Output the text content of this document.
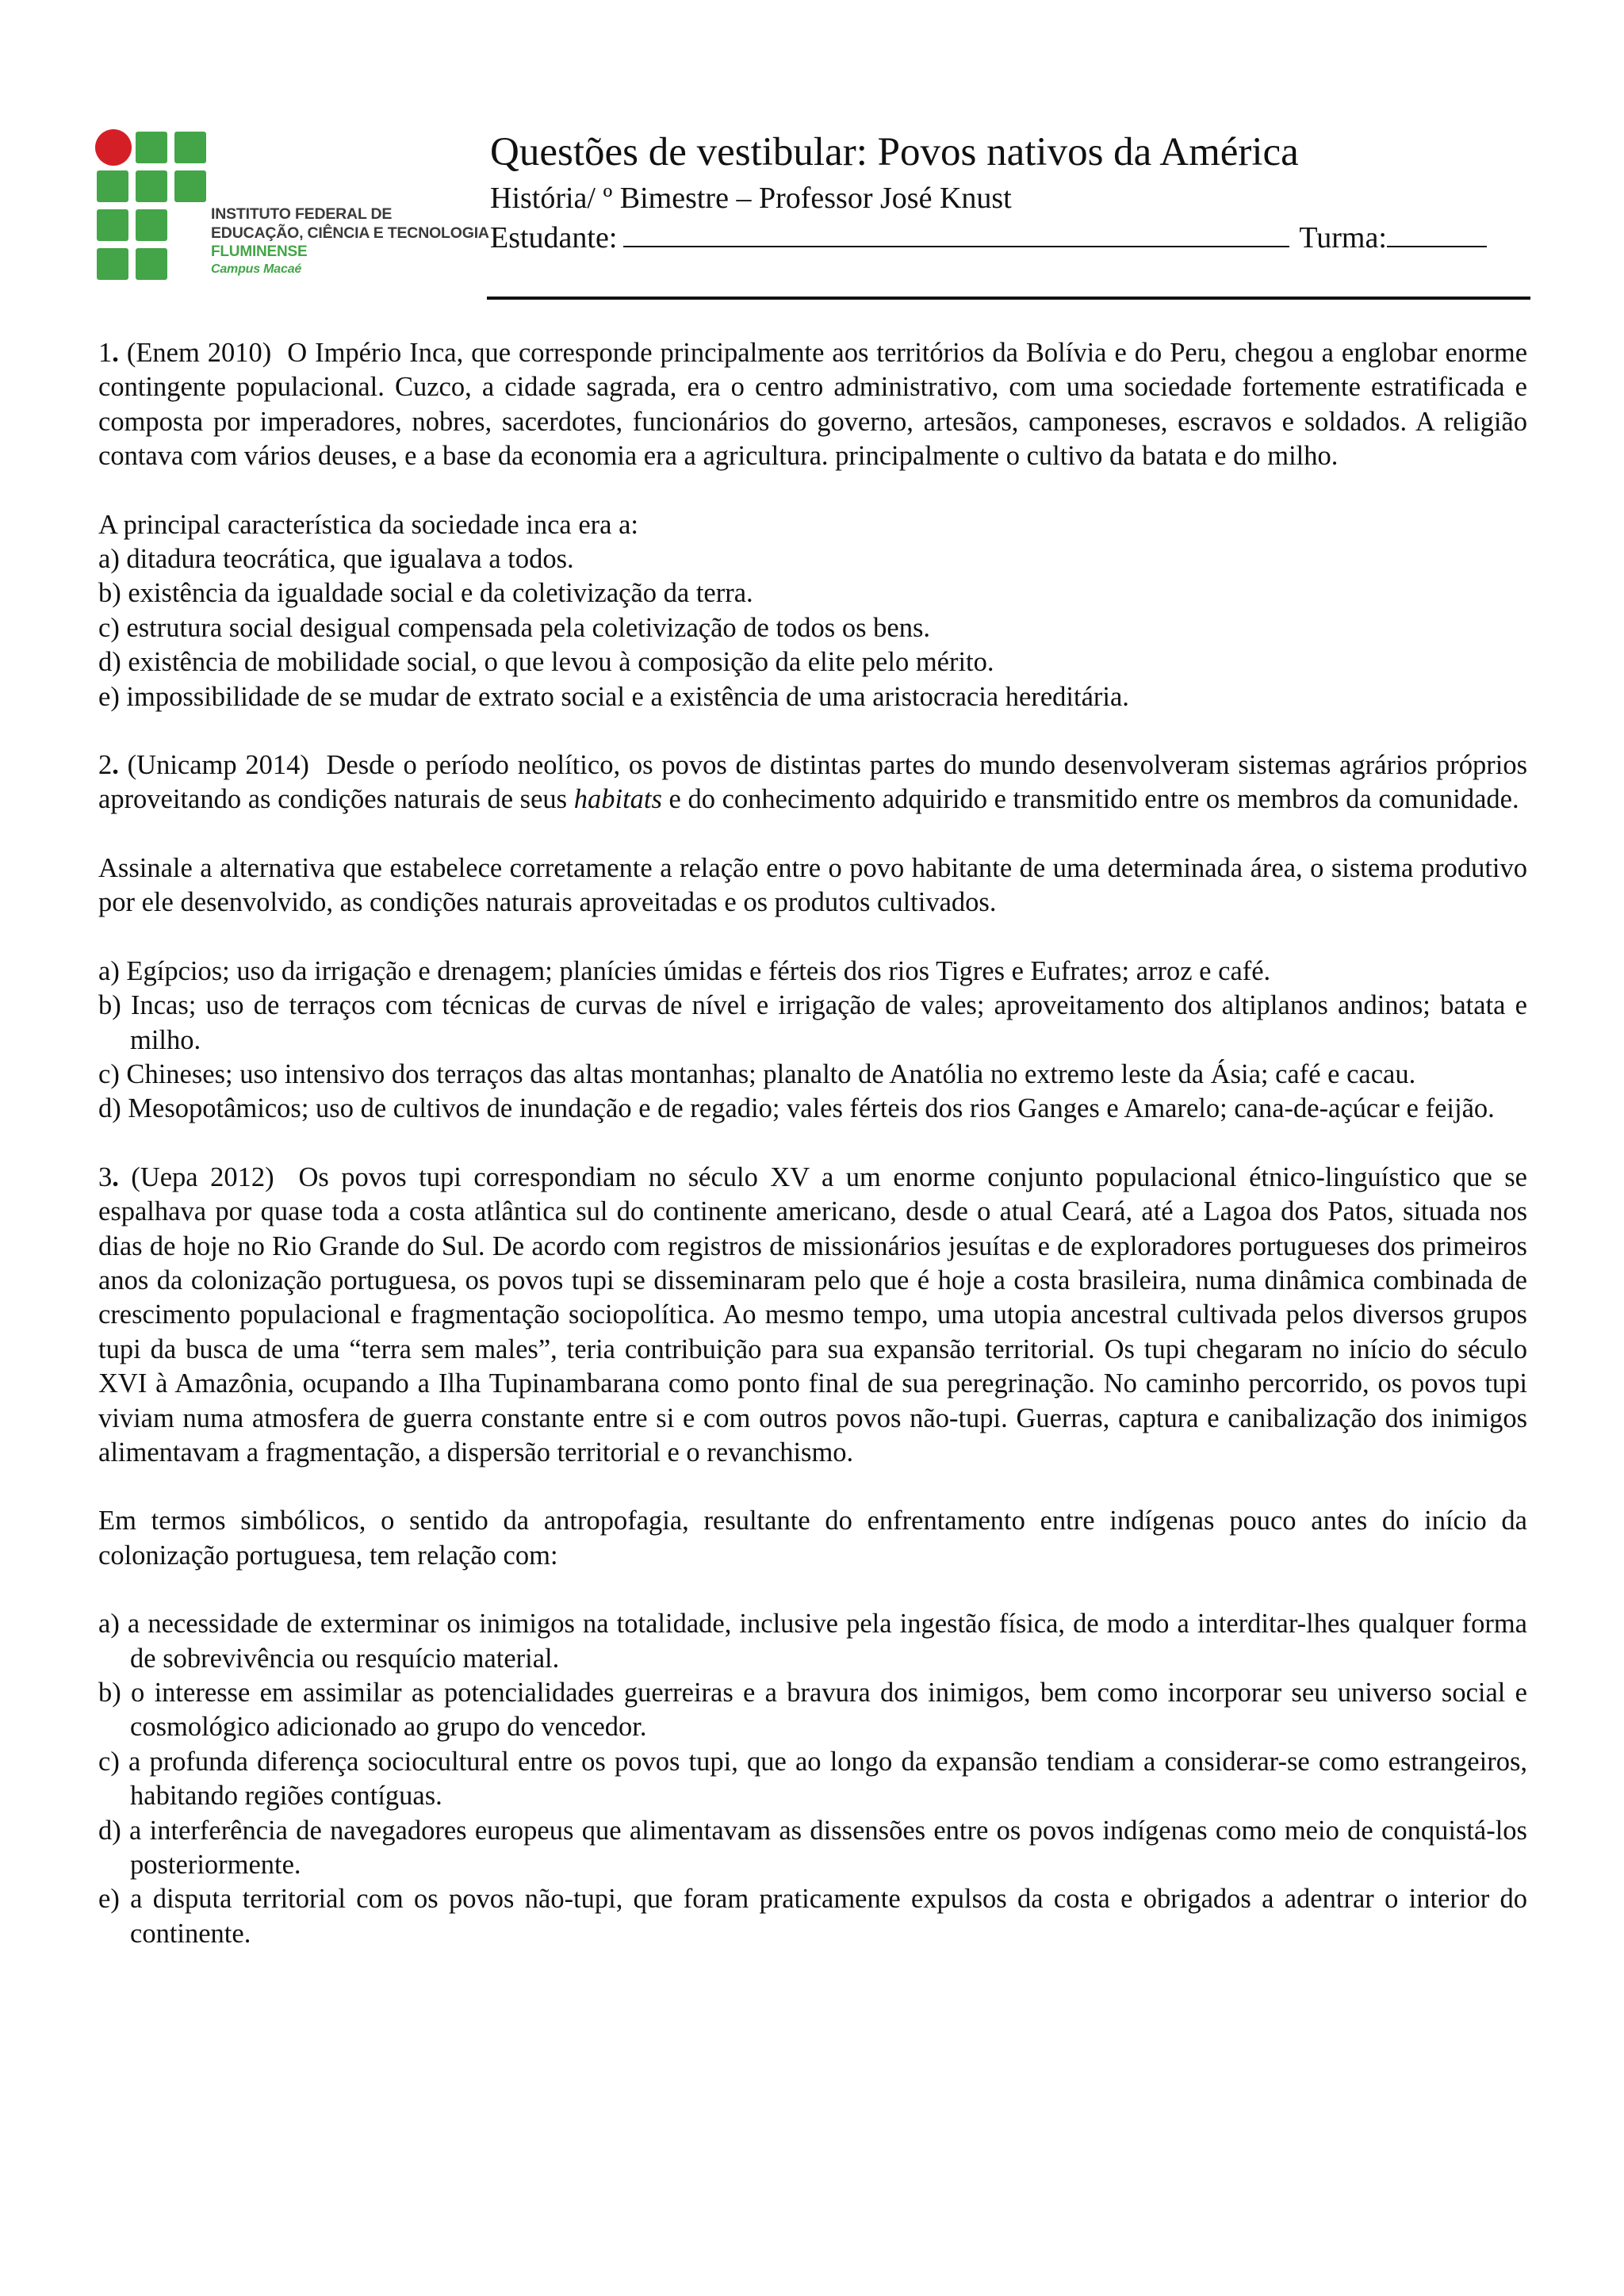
INSTITUTO FEDERAL DE
EDUCAÇÃO, CIÊNCIA E TECNOLOGIA
FLUMINENSE
Campus Macaé
Questões de vestibular: Povos nativos da América
História/ º Bimestre – Professor José Knust
Estudante:	Turma:

1. (Enem 2010) O Império Inca, que corresponde principalmente aos territórios da Bolívia e do Peru, chegou a englobar enorme contingente populacional. Cuzco, a cidade sagrada, era o centro administrativo, com uma sociedade fortemente estratificada e composta por imperadores, nobres, sacerdotes, funcionários do governo, artesãos, camponeses, escravos e soldados. A religião contava com vários deuses, e a base da economia era a agricultura. principalmente o cultivo da batata e do milho.

A principal característica da sociedade inca era a:

a) ditadura teocrática, que igualava a todos.

b) existência da igualdade social e da coletivização da terra.

c) estrutura social desigual compensada pela coletivização de todos os bens.

d) existência de mobilidade social, o que levou à composição da elite pelo mérito.

e) impossibilidade de se mudar de extrato social e a existência de uma aristocracia hereditária.

2. (Unicamp 2014) Desde o período neolítico, os povos de distintas partes do mundo desenvolveram sistemas agrários próprios aproveitando as condições naturais de seus habitats e do conhecimento adquirido e transmitido entre os membros da comunidade.

Assinale a alternativa que estabelece corretamente a relação entre o povo habitante de uma determinada área, o sistema produtivo por ele desenvolvido, as condições naturais aproveitadas e os produtos cultivados.

a) Egípcios; uso da irrigação e drenagem; planícies úmidas e férteis dos rios Tigres e Eufrates; arroz e café.

b) Incas; uso de terraços com técnicas de curvas de nível e irrigação de vales; aproveitamento dos altiplanos andinos; batata e milho.

c) Chineses; uso intensivo dos terraços das altas montanhas; planalto de Anatólia no extremo leste da Ásia; café e cacau.

d) Mesopotâmicos; uso de cultivos de inundação e de regadio; vales férteis dos rios Ganges e Amarelo; cana-de-açúcar e feijão.

3. (Uepa 2012) Os povos tupi correspondiam no século XV a um enorme conjunto populacional étnico-linguístico que se espalhava por quase toda a costa atlântica sul do continente americano, desde o atual Ceará, até a Lagoa dos Patos, situada nos dias de hoje no Rio Grande do Sul. De acordo com registros de missionários jesuítas e de exploradores portugueses dos primeiros anos da colonização portuguesa, os povos tupi se disseminaram pelo que é hoje a costa brasileira, numa dinâmica combinada de crescimento populacional e fragmentação sociopolítica. Ao mesmo tempo, uma utopia ancestral cultivada pelos diversos grupos tupi da busca de uma “terra sem males”, teria contribuição para sua expansão territorial. Os tupi chegaram no início do século XVI à Amazônia, ocupando a Ilha Tupinambarana como ponto final de sua peregrinação. No caminho percorrido, os povos tupi viviam numa atmosfera de guerra constante entre si e com outros povos não-tupi. Guerras, captura e canibalização dos inimigos alimentavam a fragmentação, a dispersão territorial e o revanchismo.

Em termos simbólicos, o sentido da antropofagia, resultante do enfrentamento entre indígenas pouco antes do início da colonização portuguesa, tem relação com:

a) a necessidade de exterminar os inimigos na totalidade, inclusive pela ingestão física, de modo a interditar-lhes qualquer forma de sobrevivência ou resquício material.

b) o interesse em assimilar as potencialidades guerreiras e a bravura dos inimigos, bem como incorporar seu universo social e cosmológico adicionado ao grupo do vencedor.

c) a profunda diferença sociocultural entre os povos tupi, que ao longo da expansão tendiam a considerar-se como estrangeiros, habitando regiões contíguas.

d) a interferência de navegadores europeus que alimentavam as dissensões entre os povos indígenas como meio de conquistá-los posteriormente.

e) a disputa territorial com os povos não-tupi, que foram praticamente expulsos da costa e obrigados a adentrar o interior do continente.
